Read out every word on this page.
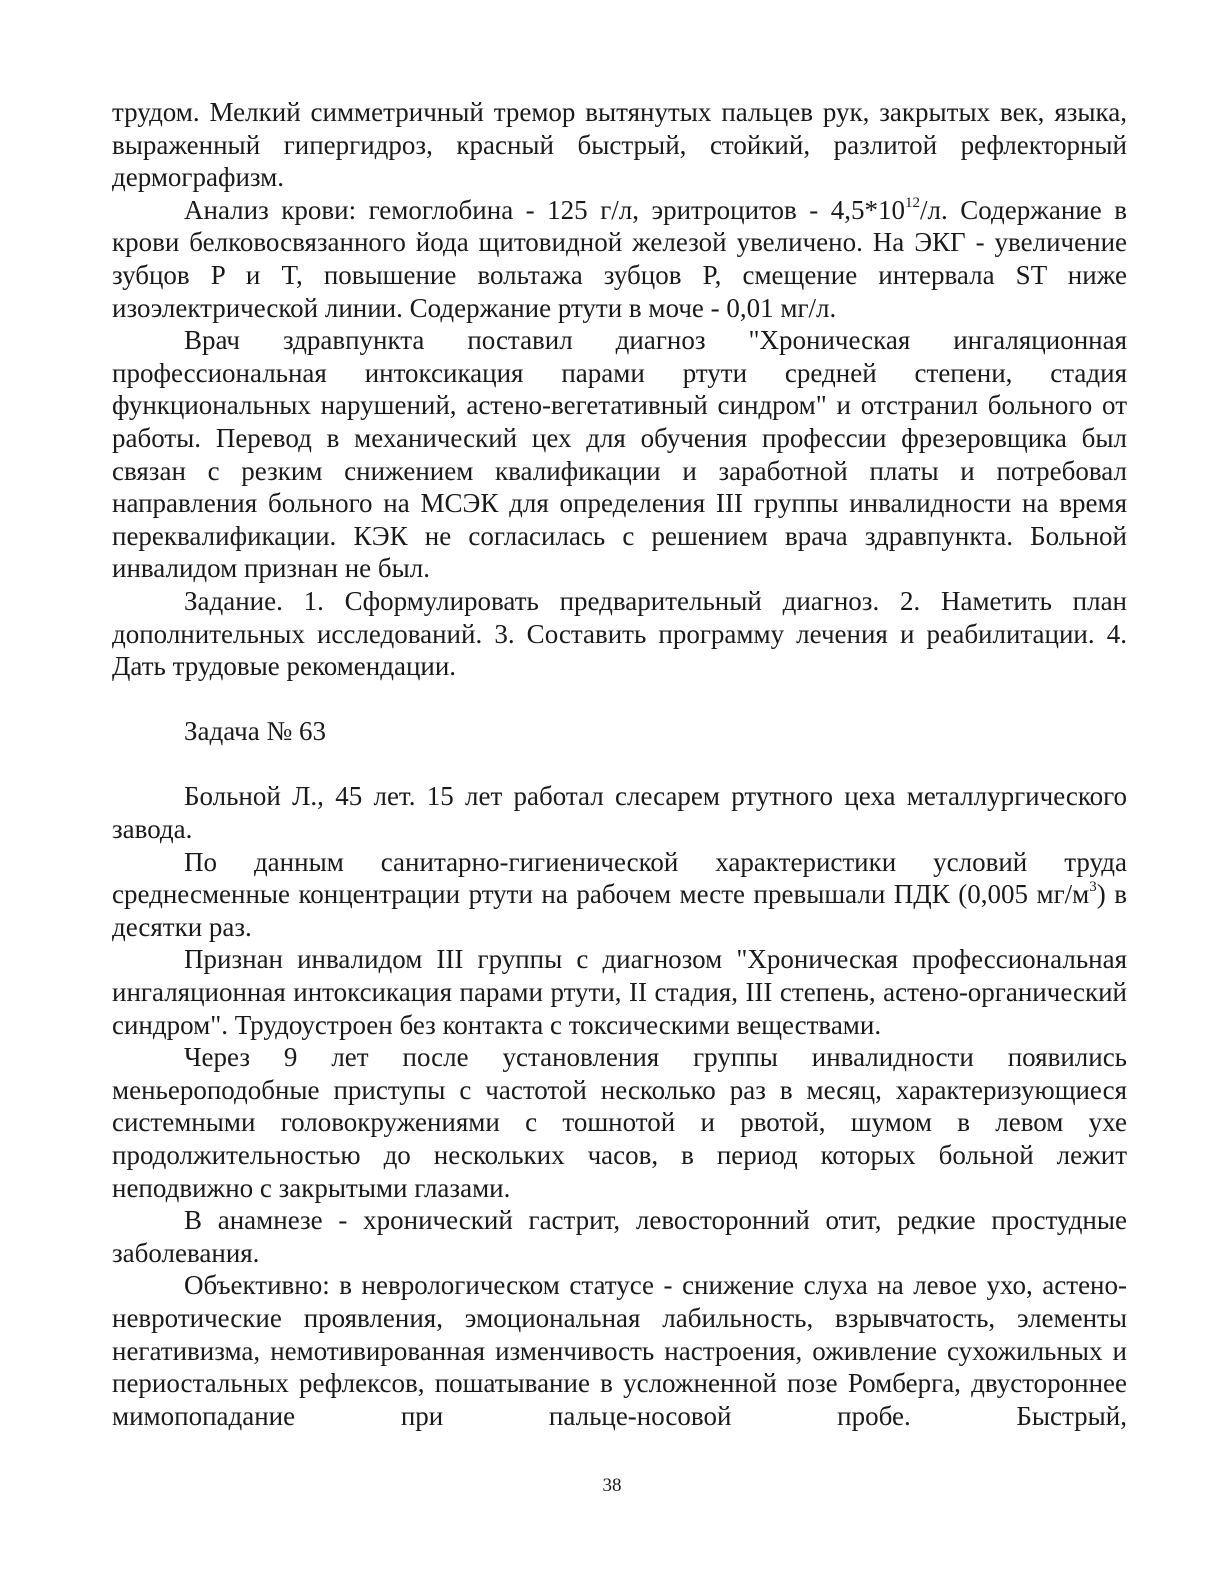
трудом. Мелкий симметричный тремор вытянутых пальцев рук, закрытых век, языка, выраженный гипергидроз, красный быстрый, стойкий, разлитой рефлекторный дермографизм.

Анализ крови: гемоглобина - 125 г/л, эритроцитов - $4,5*10^{12}/л$. Содержание в крови белковосвязанного йода щитовидной железой увеличено. На ЭКГ - увеличение зубцов P и T, повышение вольтажа зубцов P, смещение интервала ST ниже изоэлектрической линии. Содержание ртути в моче - 0,01 мг/л.

Врач здравпункта поставил диагноз "Хроническая ингаляционная профессиональная интоксикация парами ртути средней степени, стадия функциональных нарушений, астено-вегетативный синдром" и отстранил больного от работы. Перевод в механический цех для обучения профессии фрезеровщика был связан с резким снижением квалификации и заработной платы и потребовал направления больного на МСЭК для определения III группы инвалидности на время переквалификации. КЭК не согласилась с решением врача здравпункта. Больной инвалидом признан не был.

Задание. 1. Сформулировать предварительный диагноз. 2. Наметить план дополнительных исследований. 3. Составить программу лечения и реабилитации. 4. Дать трудовые рекомендации.

Задача № 63

Больной Л., 45 лет. 15 лет работал слесарем ртутного цеха металлургического завода.

По данным санитарно-гигиенической характеристики условий труда среднесменные концентрации ртути на рабочем месте превышали ПДК (0,005 $мг/м^3$) в десятки раз.

Признан инвалидом III группы с диагнозом "Хроническая профессиональная ингаляционная интоксикация парами ртути, II стадия, III степень, астено-органический синдром". Трудоустроен без контакта с токсическими веществами.

Через 9 лет после установления группы инвалидности появились меньероподобные приступы с частотой несколько раз в месяц, характеризующиеся системными головокружениями с тошнотой и рвотой, шумом в левом ухе продолжительностью до нескольких часов, в период которых больной лежит неподвижно с закрытыми глазами.

В анамнезе - хронический гастрит, левосторонний отит, редкие простудные заболевания.

Объективно: в неврологическом статусе - снижение слуха на левое ухо, астено-невротические проявления, эмоциональная лабильность, взрывчатость, элементы негативизма, немотивированная изменчивость настроения, оживление сухожильных и периостальных рефлексов, пошатывание в усложненной позе Ромберга, двустороннее мимопопадание при пальце-носовой пробе. Быстрый,

38
